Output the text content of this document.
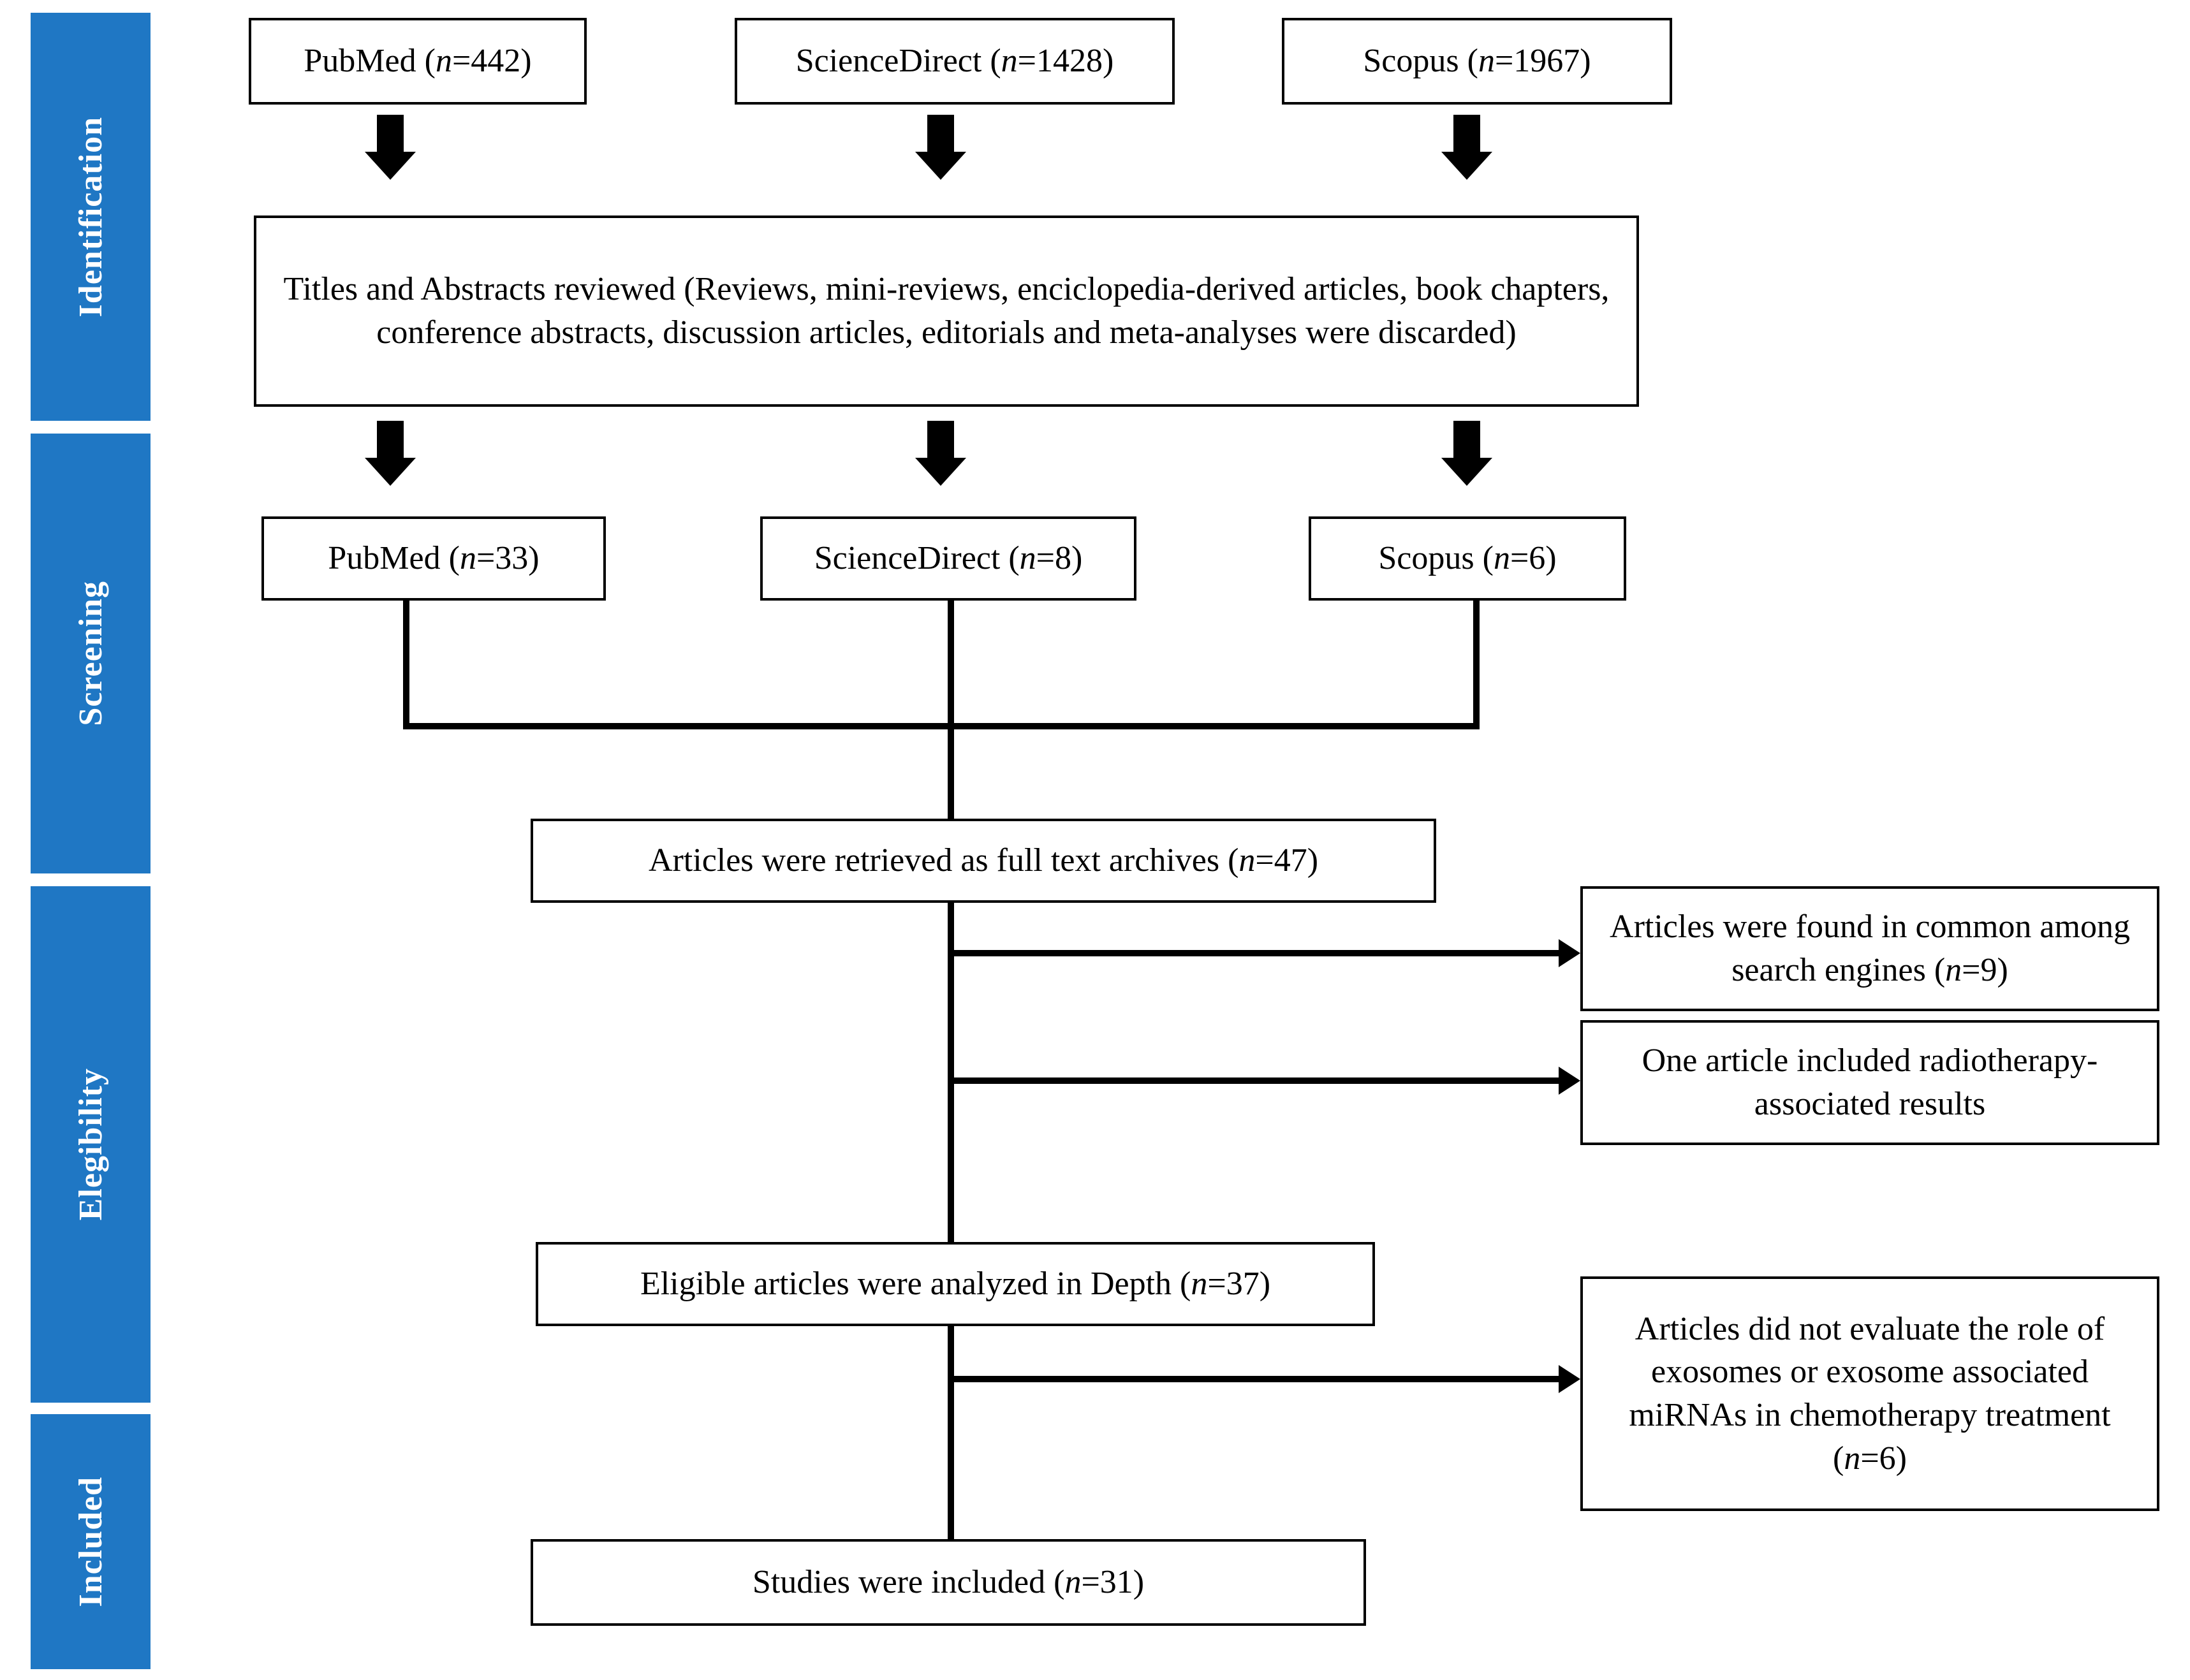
Identification
Screening
Elegibility
Included
PubMed (n=442)	ScienceDirect (n=1428)	Scopus (n=1967)
Titles and Abstracts reviewed (Reviews, mini-reviews, enciclopedia-derived articles, book chapters, conference abstracts, discussion articles, editorials and meta-analyses were discarded)
PubMed (n=33)	ScienceDirect (n=8)	Scopus (n=6)
Articles were retrieved as full text archives (n=47)
Articles were found in common among search engines (n=9)
One article included radiotherapy-associated results
Eligible articles were analyzed in Depth (n=37)
Articles did not evaluate the role of exosomes or exosome associated miRNAs in chemotherapy treatment (n=6)
Studies were included (n=31)
